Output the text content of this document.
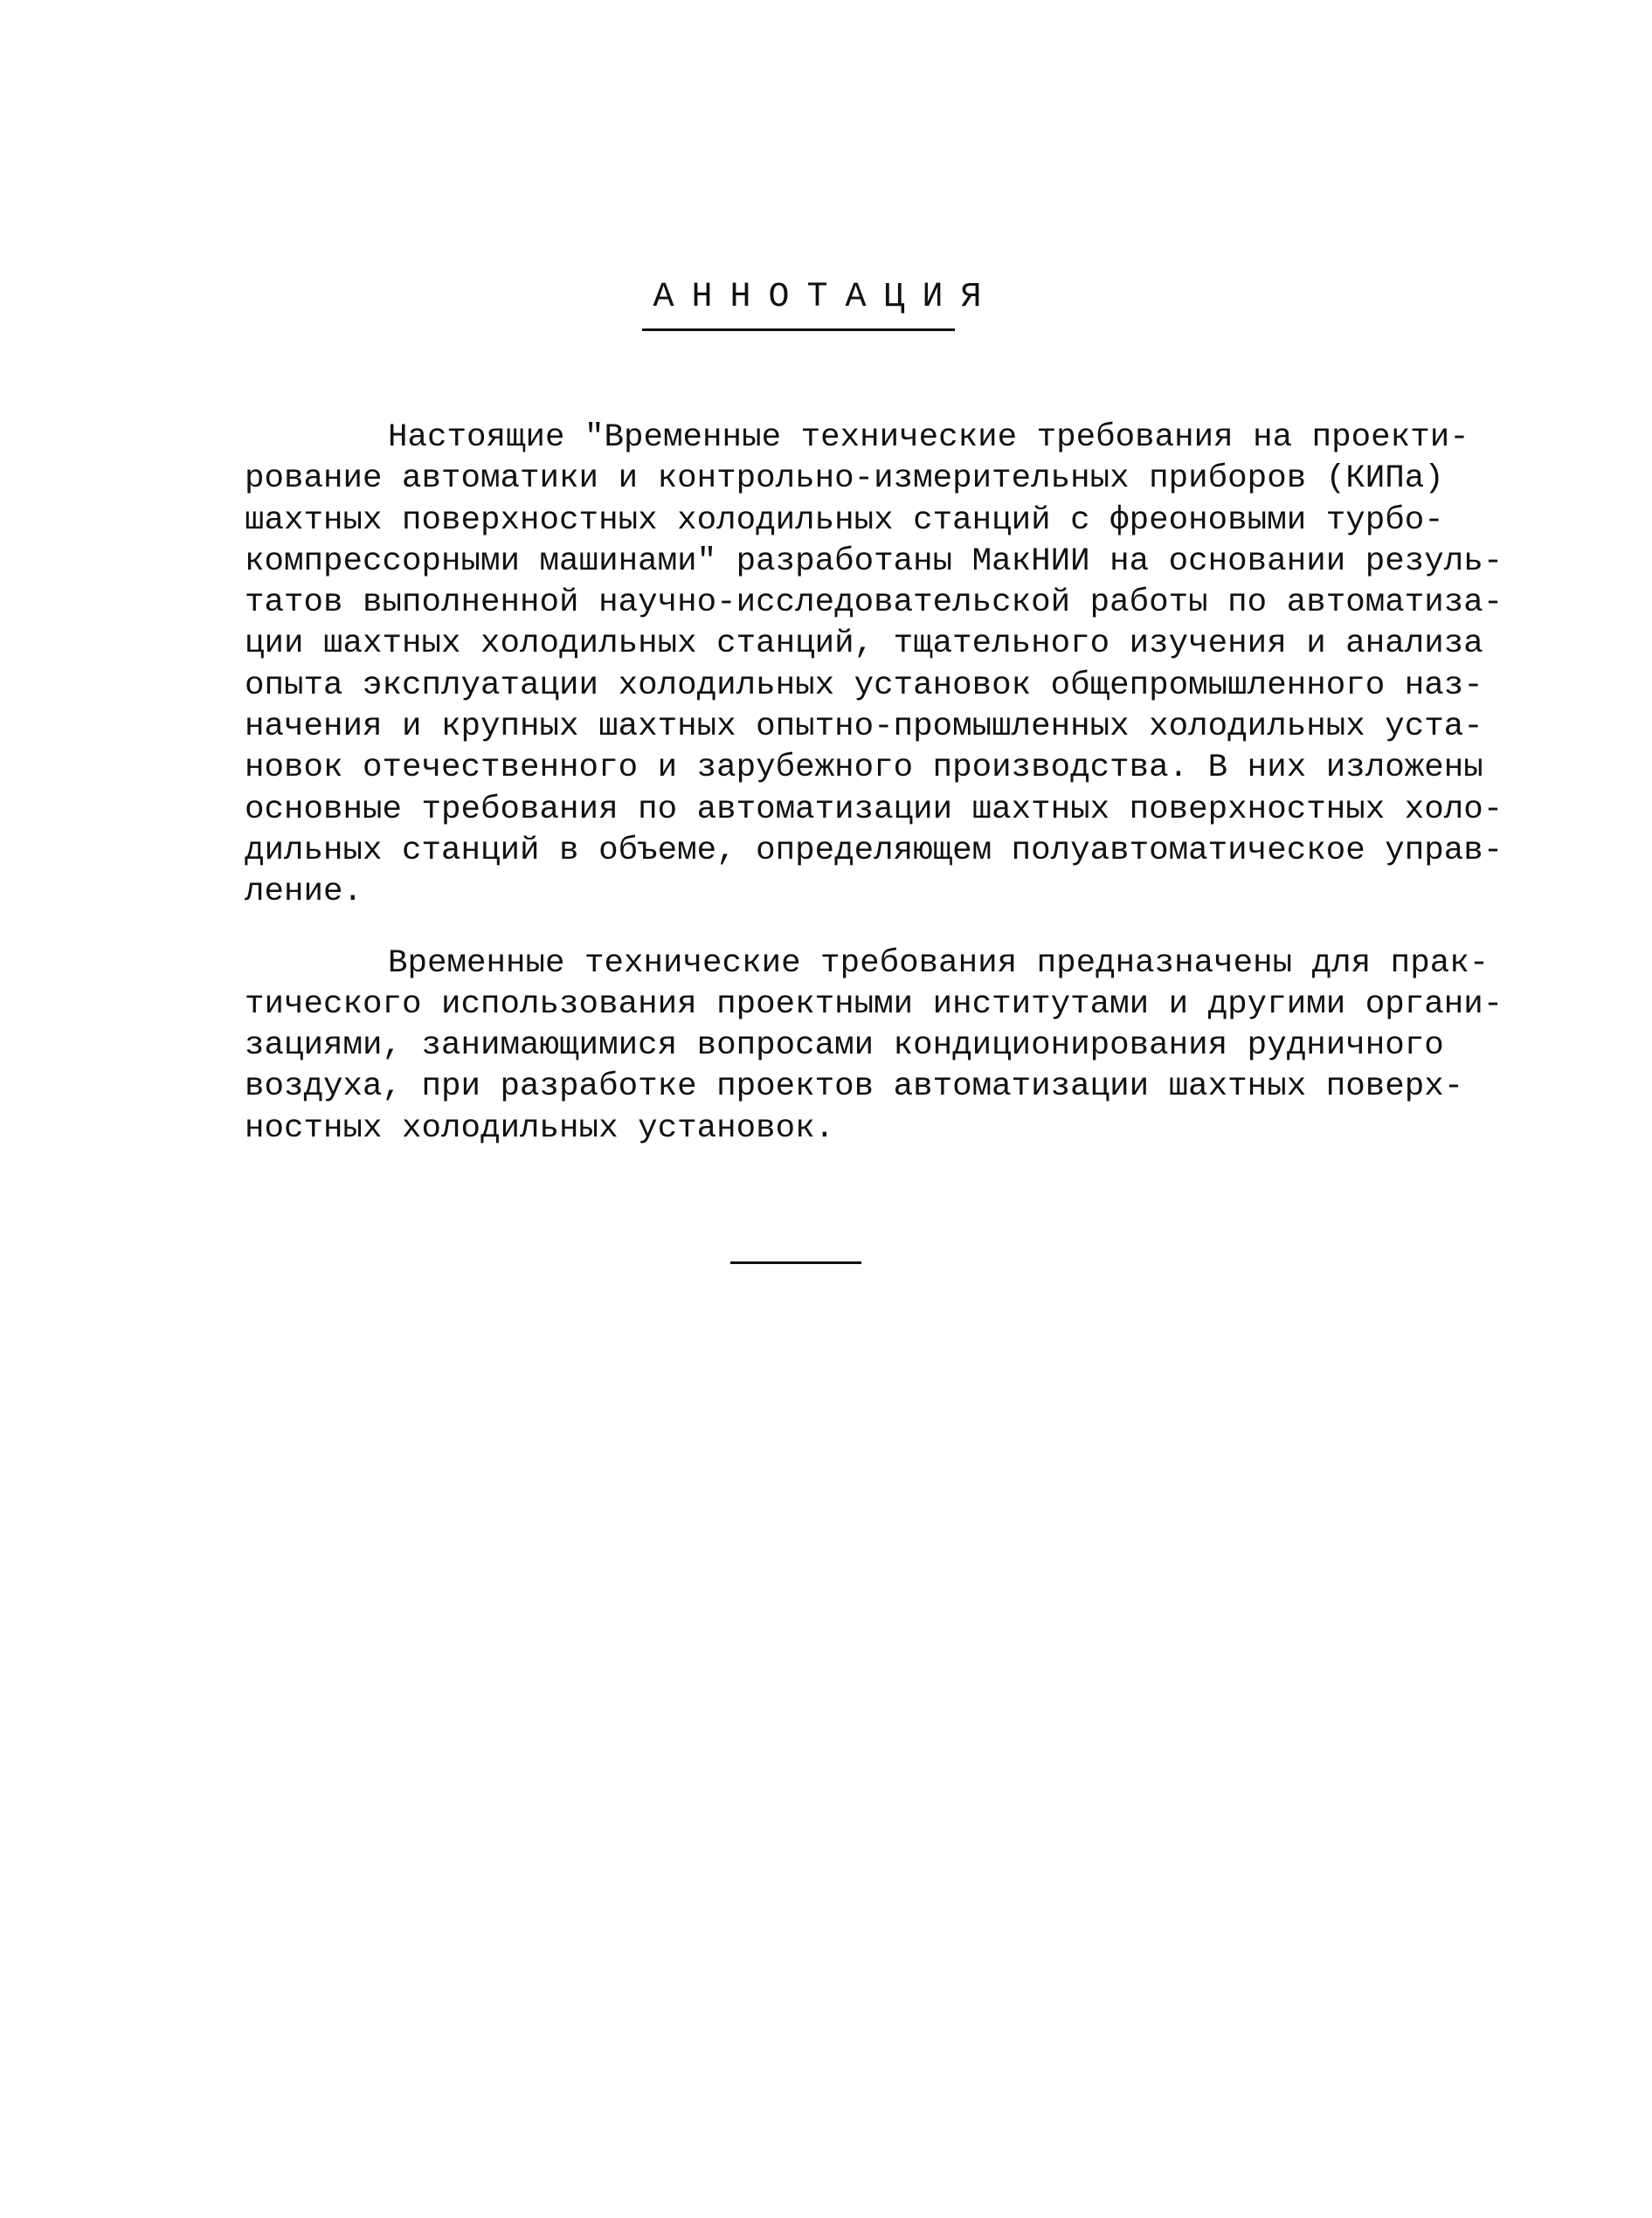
АННОТАЦИЯ
Настоящие "Временные технические требования на проекти-
рование автоматики и контрольно-измерительных приборов (КИПа)
шахтных поверхностных холодильных станций с фреоновыми турбо-
компрессорными машинами" разработаны МакНИИ на основании резуль-
татов выполненной научно-исследовательской работы по автоматиза-
ции шахтных холодильных станций, тщательного изучения и анализа
опыта эксплуатации холодильных установок общепромышленного наз-
начения и крупных шахтных опытно-промышленных холодильных уста-
новок отечественного и зарубежного производства. В них изложены
основные требования по автоматизации шахтных поверхностных холо-
дильных станций в объеме, определяющем полуавтоматическое управ-
ление.
Временные технические требования предназначены для прак-
тического использования проектными институтами и другими органи-
зациями, занимающимися вопросами кондиционирования рудничного
воздуха, при разработке проектов автоматизации шахтных поверх-
ностных холодильных установок.
